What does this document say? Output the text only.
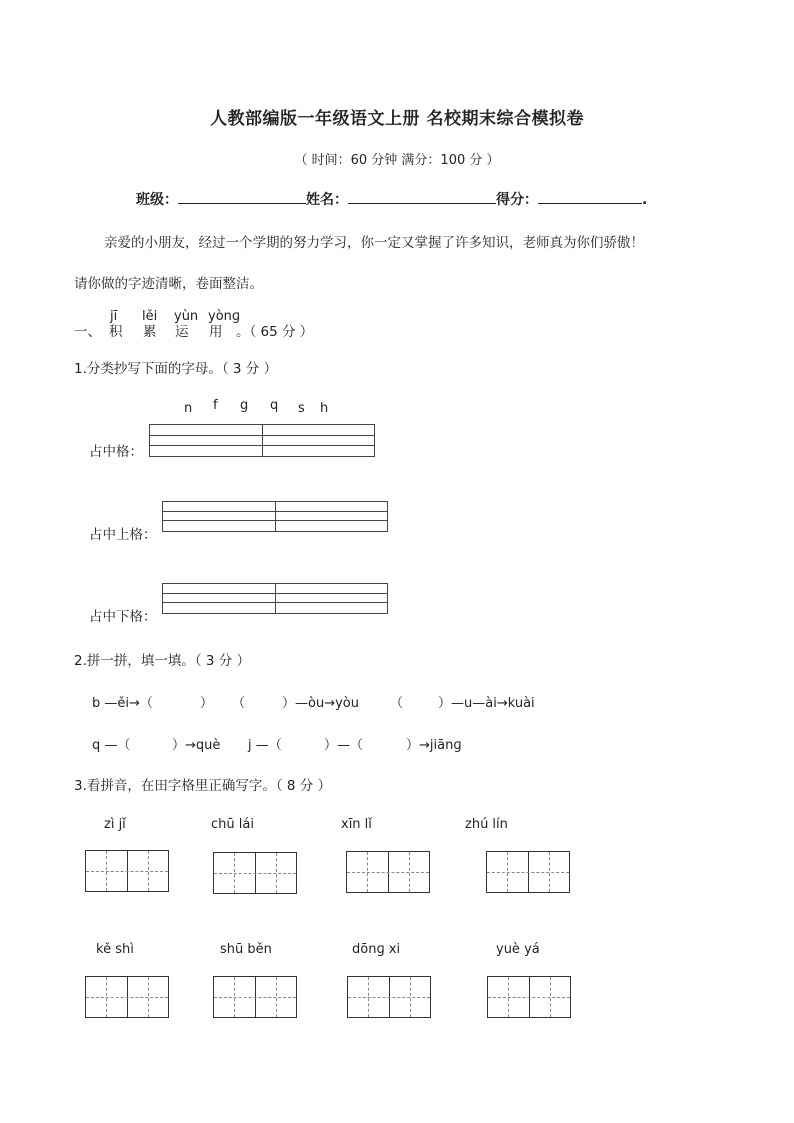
人教部编版一年级语文上册 名校期末综合模拟卷
（ 时间：60 分钟 满分：100 分 ）
班级：	姓名：	得分：	.
亲爱的小朋友，经过一个学期的努力学习，你一定又掌握了许多知识，老师真为你们骄傲！
请你做的字迹清晰，卷面整洁。
jī lěi yùn yònɡ
一、 积 累 运 用 。（ 65 分 ）
1.分类抄写下面的字母。（ 3 分 ）
n f g q s h
占中格：

占中上格：

占中下格：

2.拼一拼，填一填。（ 3 分 ）
b —ěi→（	） （	）—òu→yòu （	）—u—ài→kuài
q —（	）→què j —（	）—（	）→jiānɡ
3.看拼音，在田字格里正确写字。（ 8 分 ）
zì jǐ	chū lái	xīn lǐ	zhú lín
kě shì	shū běn	dōnɡ xi	yuè yá
